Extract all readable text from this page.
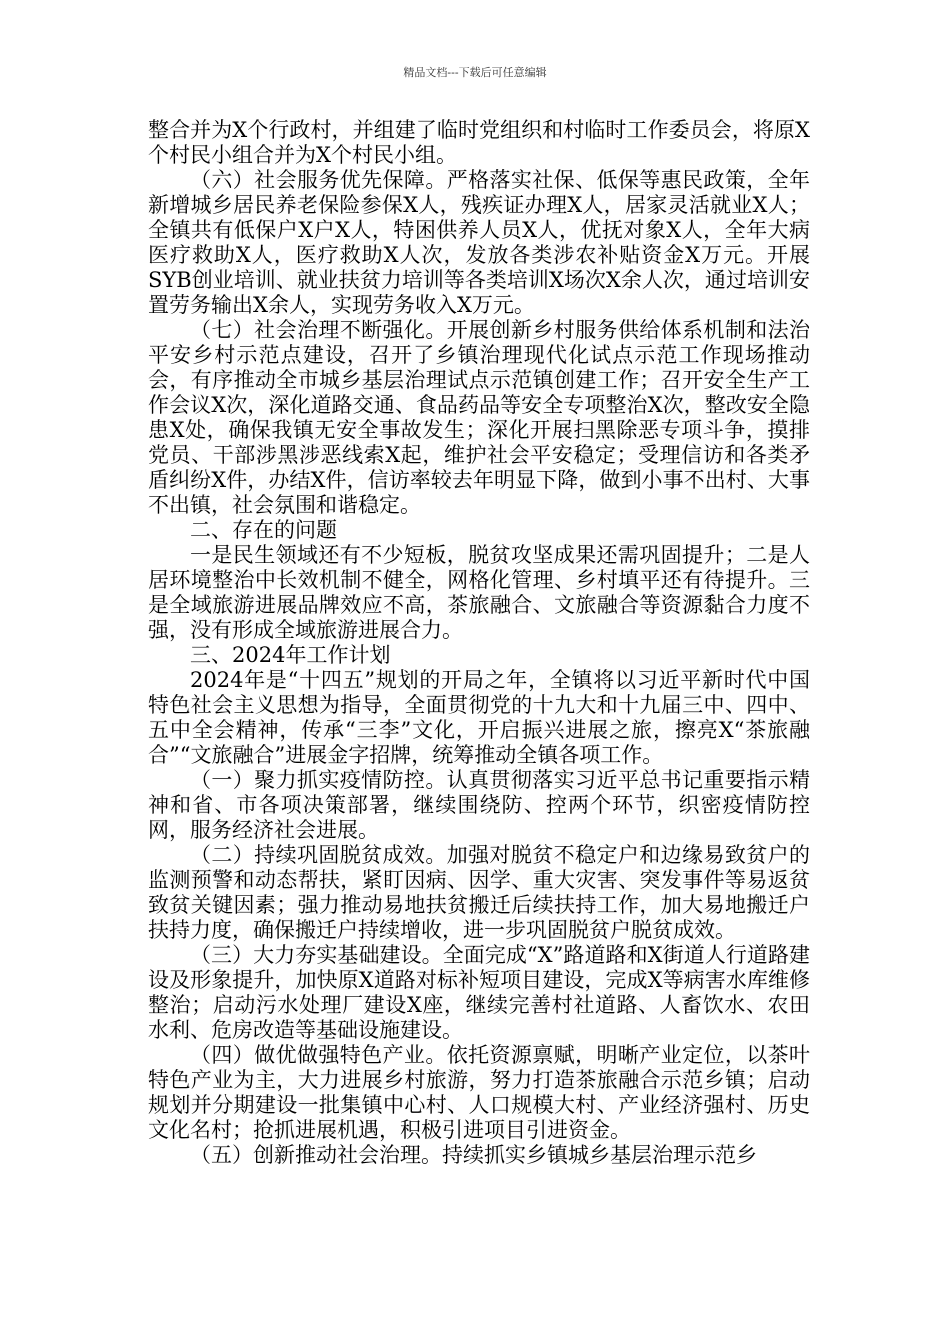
精品文档---下载后可任意编辑

整合并为X个行政村，并组建了临时党组织和村临时工作委员会，将原X个村民小组合并为X个村民小组。

（六）社会服务优先保障。严格落实社保、低保等惠民政策，全年新增城乡居民养老保险参保X人，残疾证办理X人，居家灵活就业X人；全镇共有低保户X户X人，特困供养人员X人，优抚对象X人，全年大病医疗救助X人，医疗救助X人次，发放各类涉农补贴资金X万元。开展SYB创业培训、就业扶贫力培训等各类培训X场次X余人次，通过培训安置劳务输出X余人，实现劳务收入X万元。

（七）社会治理不断强化。开展创新乡村服务供给体系机制和法治平安乡村示范点建设，召开了乡镇治理现代化试点示范工作现场推动会，有序推动全市城乡基层治理试点示范镇创建工作；召开安全生产工作会议X次，深化道路交通、食品药品等安全专项整治X次，整改安全隐患X处，确保我镇无安全事故发生；深化开展扫黑除恶专项斗争，摸排党员、干部涉黑涉恶线索X起，维护社会平安稳定；受理信访和各类矛盾纠纷X件，办结X件，信访率较去年明显下降，做到小事不出村、大事不出镇，社会氛围和谐稳定。

二、存在的问题

一是民生领域还有不少短板，脱贫攻坚成果还需巩固提升；二是人居环境整治中长效机制不健全，网格化管理、乡村填平还有待提升。三是全域旅游进展品牌效应不高，茶旅融合、文旅融合等资源黏合力度不强，没有形成全域旅游进展合力。

三、2024年工作计划

2024年是“十四五”规划的开局之年，全镇将以习近平新时代中国特色社会主义思想为指导，全面贯彻党的十九大和十九届三中、四中、五中全会精神，传承“三李”文化，开启振兴进展之旅，擦亮X“茶旅融合”“文旅融合”进展金字招牌，统筹推动全镇各项工作。

（一）聚力抓实疫情防控。认真贯彻落实习近平总书记重要指示精神和省、市各项决策部署，继续围绕防、控两个环节，织密疫情防控网，服务经济社会进展。

（二）持续巩固脱贫成效。加强对脱贫不稳定户和边缘易致贫户的监测预警和动态帮扶，紧盯因病、因学、重大灾害、突发事件等易返贫致贫关键因素；强力推动易地扶贫搬迁后续扶持工作，加大易地搬迁户扶持力度，确保搬迁户持续增收，进一步巩固脱贫户脱贫成效。

（三）大力夯实基础建设。全面完成“X”路道路和X街道人行道路建设及形象提升，加快原X道路对标补短项目建设，完成X等病害水库维修整治；启动污水处理厂建设X座，继续完善村社道路、人畜饮水、农田水利、危房改造等基础设施建设。

（四）做优做强特色产业。依托资源禀赋，明晰产业定位，以茶叶特色产业为主，大力进展乡村旅游，努力打造茶旅融合示范乡镇；启动规划并分期建设一批集镇中心村、人口规模大村、产业经济强村、历史文化名村；抢抓进展机遇，积极引进项目引进资金。

（五）创新推动社会治理。持续抓实乡镇城乡基层治理示范乡
